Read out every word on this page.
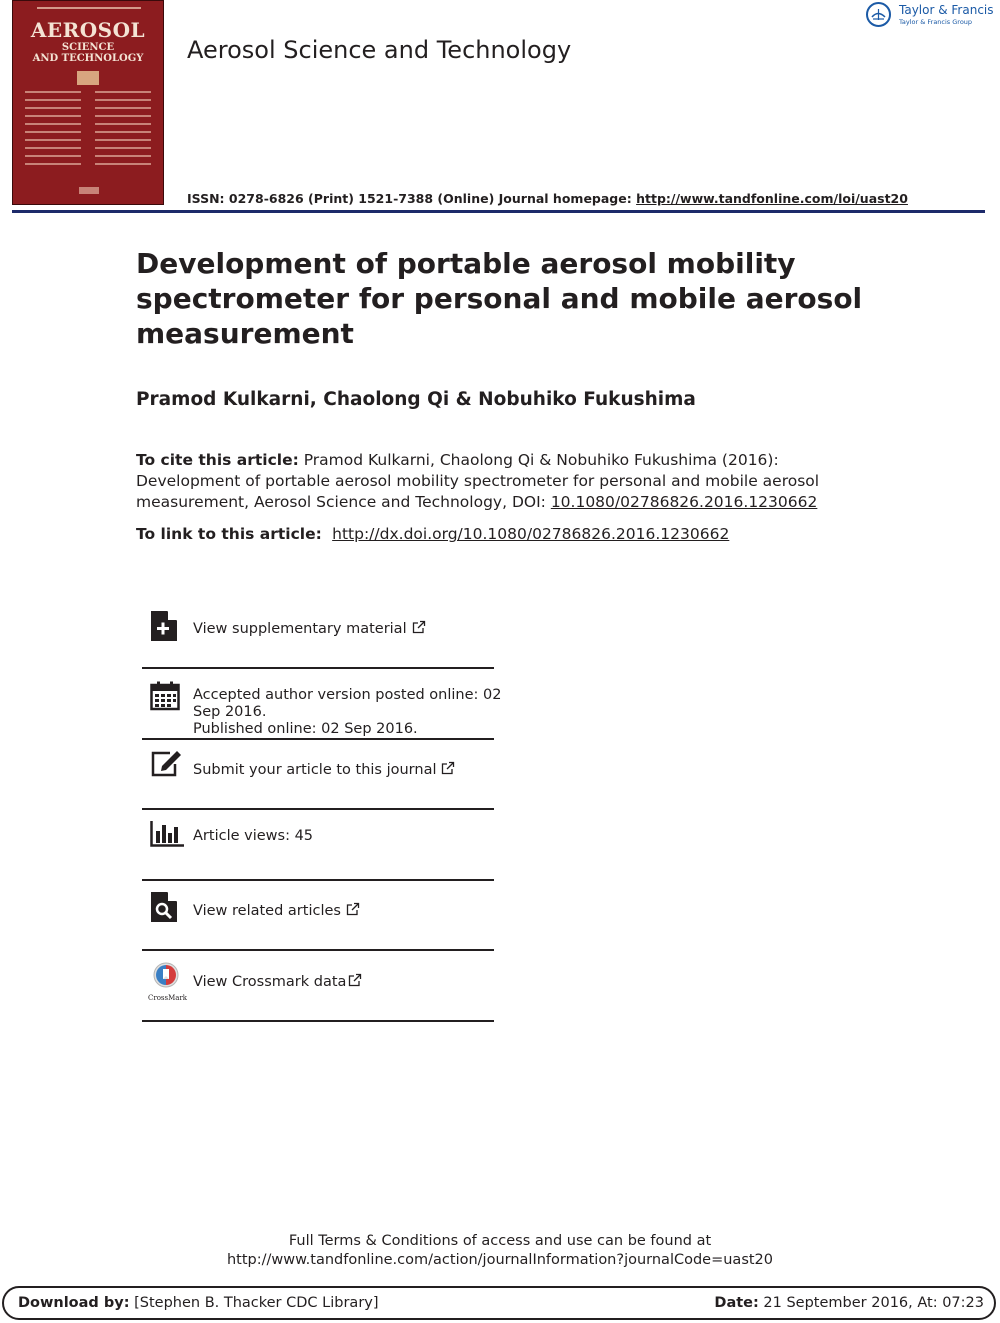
AEROSOL
SCIENCE
AND TECHNOLOGY	Aerosol Science and Technology
Taylor & Francis
Taylor & Francis Group
ISSN: 0278-6826 (Print) 1521-7388 (Online) Journal homepage: http://www.tandfonline.com/loi/uast20
Development of portable aerosol mobility spectrometer for personal and mobile aerosol measurement
Pramod Kulkarni, Chaolong Qi & Nobuhiko Fukushima
To cite this article: Pramod Kulkarni, Chaolong Qi & Nobuhiko Fukushima (2016): Development of portable aerosol mobility spectrometer for personal and mobile aerosol measurement, Aerosol Science and Technology, DOI: 10.1080/02786826.2016.1230662
To link to this article:  http://dx.doi.org/10.1080/02786826.2016.1230662
View supplementary material
Accepted author version posted online: 02
Sep 2016.
Published online: 02 Sep 2016.
Submit your article to this journal
Article views: 45
View related articles
CrossMark
View Crossmark data
Full Terms & Conditions of access and use can be found at
http://www.tandfonline.com/action/journalInformation?journalCode=uast20
Download by: [Stephen B. Thacker CDC Library]	Date: 21 September 2016, At: 07:23
